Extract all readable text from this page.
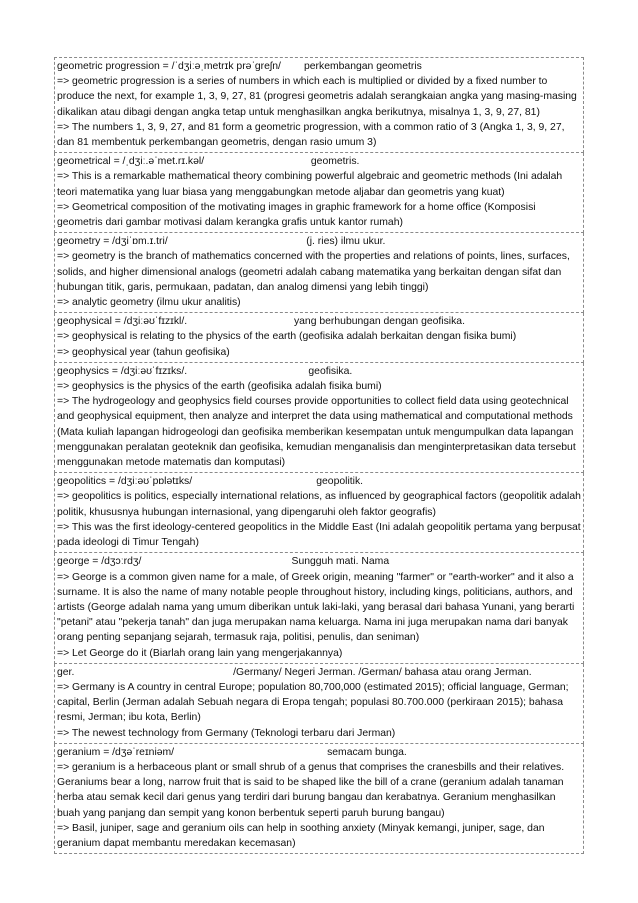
geometric progression = /ˈdʒiːəˌmetrɪk prəˈɡreʃn/        perkembangan geometris
=> geometric progression is a series of numbers in which each is multiplied or divided by a fixed number to produce the next, for example 1, 3, 9, 27, 81 (progresi geometris adalah serangkaian angka yang masing-masing dikalikan atau dibagi dengan angka tetap untuk menghasilkan angka berikutnya, misalnya 1, 3, 9, 27, 81)
=> The numbers 1, 3, 9, 27, and 81 form a geometric progression, with a common ratio of 3 (Angka 1, 3, 9, 27, dan 81 membentuk perkembangan geometris, dengan rasio umum 3)
geometrical = /ˌdʒiː.əˈmet.rɪ.kəl/                                     geometris.
=> This is a remarkable mathematical theory combining powerful algebraic and geometric methods (Ini adalah teori matematika yang luar biasa yang menggabungkan metode aljabar dan geometris yang kuat)
=> Geometrical composition of the motivating images in graphic framework for a home office (Komposisi geometris dari gambar motivasi dalam kerangka grafis untuk kantor rumah)
geometry = /dʒiˈɒm.ɪ.tri/                                                (j. ries) ilmu ukur.
=> geometry is the branch of mathematics concerned with the properties and relations of points, lines, surfaces, solids, and higher dimensional analogs (geometri adalah cabang matematika yang berkaitan dengan sifat dan hubungan titik, garis, permukaan, padatan, dan analog dimensi yang lebih tinggi)
=> analytic geometry (ilmu ukur analitis)
geophysical = /dʒiːəʊˈfɪzɪkl/.                                     yang berhubungan dengan geofisika.
=> geophysical is relating to the physics of the earth (geofisika adalah berkaitan dengan fisika bumi)
=> geophysical year (tahun geofisika)
geophysics = /dʒiːəʊˈfɪzɪks/.                                          geofisika.
=> geophysics is the physics of the earth (geofisika adalah fisika bumi)
=> The hydrogeology and geophysics field courses provide opportunities to collect field data using geotechnical and geophysical equipment, then analyze and interpret the data using mathematical and computational methods (Mata kuliah lapangan hidrogeologi dan geofisika memberikan kesempatan untuk mengumpulkan data lapangan menggunakan peralatan geoteknik dan geofisika, kemudian menganalisis dan menginterpretasikan data tersebut menggunakan metode matematis dan komputasi)
geopolitics = /dʒiːəʊˈpɒlətɪks/                                           geopolitik.
=> geopolitics is politics, especially international relations, as influenced by geographical factors (geopolitik adalah politik, khususnya hubungan internasional, yang dipengaruhi oleh faktor geografis)
=> This was the first ideology-centered geopolitics in the Middle East (Ini adalah geopolitik pertama yang berpusat pada ideologi di Timur Tengah)
george = /dʒɔːrdʒ/                                                    Sungguh mati. Nama
=> George is a common given name for a male, of Greek origin, meaning "farmer" or "earth-worker" and it also a surname. It is also the name of many notable people throughout history, including kings, politicians, authors, and artists (George adalah nama yang umum diberikan untuk laki-laki, yang berasal dari bahasa Yunani, yang berarti "petani" atau "pekerja tanah" dan juga merupakan nama keluarga. Nama ini juga merupakan nama dari banyak orang penting sepanjang sejarah, termasuk raja, politisi, penulis, dan seniman)
=> Let George do it (Biarlah orang lain yang mengerjakannya)
ger.                                                       /Germany/ Negeri Jerman. /German/ bahasa atau orang Jerman.
=> Germany is A country in central Europe; population 80,700,000 (estimated 2015); official language, German; capital, Berlin (Jerman adalah Sebuah negara di Eropa tengah; populasi 80.700.000 (perkiraan 2015); bahasa resmi, Jerman; ibu kota, Berlin)
=> The newest technology from Germany (Teknologi terbaru dari Jerman)
geranium = /dʒəˈreɪniəm/                                                     semacam bunga.
=> geranium is a herbaceous plant or small shrub of a genus that comprises the cranesbills and their relatives. Geraniums bear a long, narrow fruit that is said to be shaped like the bill of a crane (geranium adalah tanaman herba atau semak kecil dari genus yang terdiri dari burung bangau dan kerabatnya. Geranium menghasilkan buah yang panjang dan sempit yang konon berbentuk seperti paruh burung bangau)
=> Basil, juniper, sage and geranium oils can help in soothing anxiety (Minyak kemangi, juniper, sage, dan geranium dapat membantu meredakan kecemasan)
